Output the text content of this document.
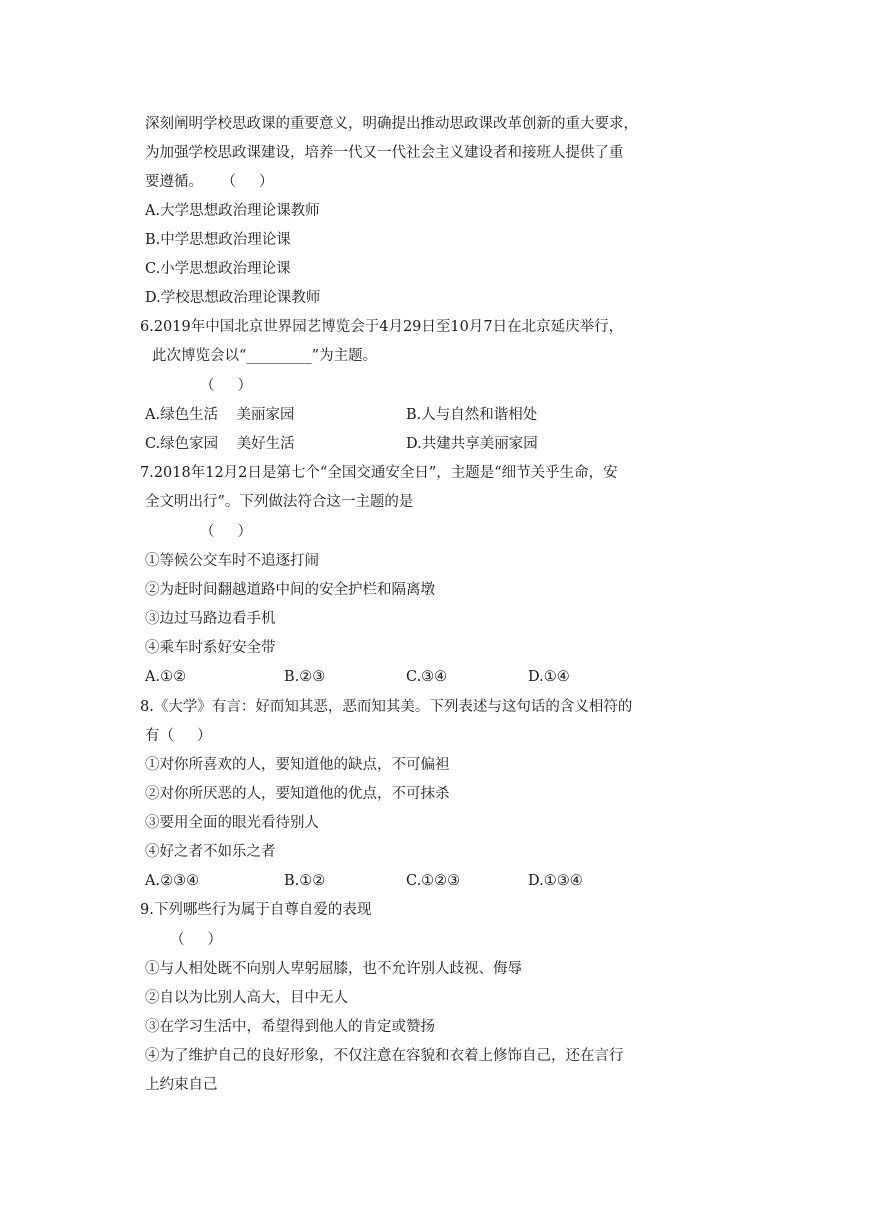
深刻阐明学校思政课的重要意义，明确提出推动思政课改革创新的重大要求，
为加强学校思政课建设，培养一代又一代社会主义建设者和接班人提供了重
要遵循。    （     ）
A.大学思想政治理论课教师
B.中学思想政治理论课
C.小学思想政治理论课
D.学校思想政治理论课教师
6.2019年中国北京世界园艺博览会于4月29日至10月7日在北京延庆举行，
此次博览会以“_________”为主题。
（     ）
A.绿色生活    美丽家园	B.人与自然和谐相处
C.绿色家园    美好生活	D.共建共享美丽家园
7.2018年12月2日是第七个“全国交通安全日”，主题是“细节关乎生命，安
全文明出行”。下列做法符合这一主题的是
（     ）
①等候公交车时不追逐打闹
②为赶时间翻越道路中间的安全护栏和隔离墩
③边过马路边看手机
④乘车时系好安全带
A.①②	B.②③	C.③④	D.①④
8.《大学》有言：好而知其恶，恶而知其美。下列表述与这句话的含义相符的
有（     ）
①对你所喜欢的人，要知道他的缺点，不可偏袒
②对你所厌恶的人，要知道他的优点，不可抹杀
③要用全面的眼光看待别人
④好之者不如乐之者
A.②③④	B.①②	C.①②③	D.①③④
9.下列哪些行为属于自尊自爱的表现
（     ）
①与人相处既不向别人卑躬屈膝，也不允许别人歧视、侮辱
②自以为比别人高大，目中无人
③在学习生活中，希望得到他人的肯定或赞扬
④为了维护自己的良好形象，不仅注意在容貌和衣着上修饰自己，还在言行
上约束自己
